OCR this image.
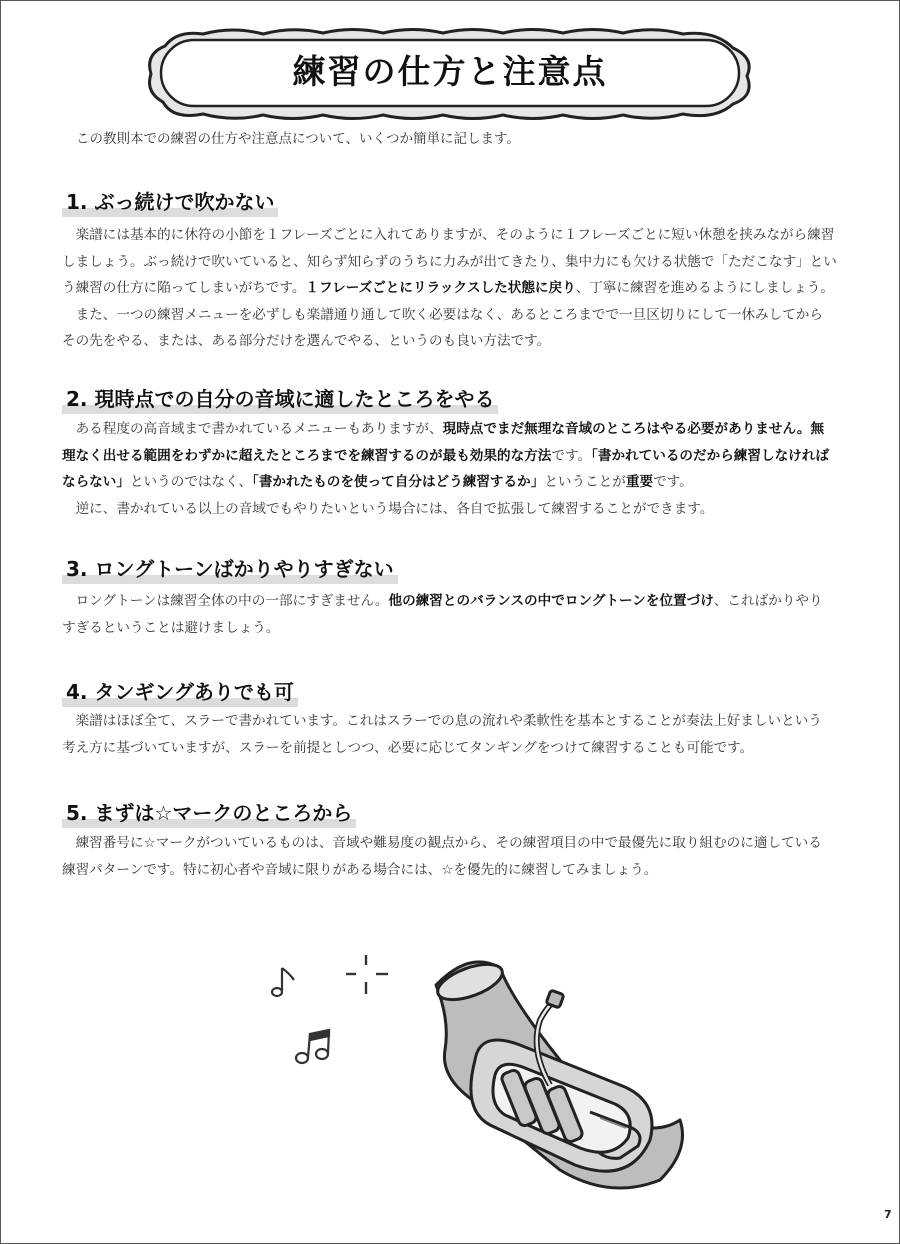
練習の仕方と注意点
この教則本での練習の仕方や注意点について、いくつか簡単に記します。
1. ぶっ続けで吹かない
　楽譜には基本的に休符の小節を１フレーズごとに入れてありますが、そのように１フレーズごとに短い休憩を挟みながら練習
しましょう。ぶっ続けで吹いていると、知らず知らずのうちに力みが出てきたり、集中力にも欠ける状態で「ただこなす」とい
う練習の仕方に陥ってしまいがちです。１フレーズごとにリラックスした状態に戻り、丁寧に練習を進めるようにしましょう。
　また、一つの練習メニューを必ずしも楽譜通り通して吹く必要はなく、あるところまでで一旦区切りにして一休みしてから
その先をやる、または、ある部分だけを選んでやる、というのも良い方法です。
2. 現時点での自分の音域に適したところをやる
　ある程度の高音域まで書かれているメニューもありますが、現時点でまだ無理な音域のところはやる必要がありません。無
理なく出せる範囲をわずかに超えたところまでを練習するのが最も効果的な方法です。「書かれているのだから練習しなければ
ならない」というのではなく、「書かれたものを使って自分はどう練習するか」ということが重要です。
　逆に、書かれている以上の音域でもやりたいという場合には、各自で拡張して練習することができます。
3. ロングトーンばかりやりすぎない
　ロングトーンは練習全体の中の一部にすぎません。他の練習とのバランスの中でロングトーンを位置づけ、こればかりやり
すぎるということは避けましょう。
4. タンギングありでも可
　楽譜はほぼ全て、スラーで書かれています。これはスラーでの息の流れや柔軟性を基本とすることが奏法上好ましいという
考え方に基づいていますが、スラーを前提としつつ、必要に応じてタンギングをつけて練習することも可能です。
5. まずは☆マークのところから
　練習番号に☆マークがついているものは、音域や難易度の観点から、その練習項目の中で最優先に取り組むのに適している
練習パターンです。特に初心者や音域に限りがある場合には、☆を優先的に練習してみましょう。
7
